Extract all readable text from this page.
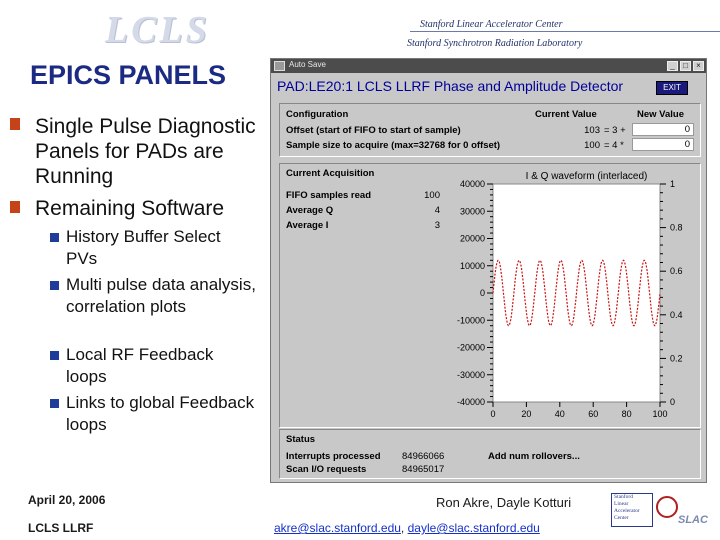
LCLS	Stanford Linear Accelerator Center
Stanford Synchrotron Radiation Laboratory
EPICS PANELS
Single Pulse Diagnostic Panels for PADs are Running
Remaining Software
History Buffer Select PVs
Multi pulse data analysis, correlation plots
Local RF Feedback loops
Links to global Feedback loops
Auto Save	_	□	×
PAD:LE20:1 LCLS LLRF Phase and Amplitude Detector	EXIT
Configuration	Current Value	New Value
Offset (start of FIFO to start of sample)	103 = 3 +	0
Sample size to acquire (max=32768 for 0 offset)	100 = 4 *	0
Current Acquisition
FIFO samples read	100
Average Q	4
Average I	3
I & Q waveform (interlaced)
40000
30000
20000
10000
0
-10000
-20000
-30000
-40000
1
0.8
0.6
0.4
0.2
0
0	20	40	60	80 100
Status
Interrupts processed 84966066
Scan I/O requests	84965017
Add num rollovers...
April 20, 2006
LCLS LLRF
Ron Akre, Dayle Kotturi
akre@slac.stanford.edu, dayle@slac.stanford.edu
Stanford
Linear
Accelerator
Center	SLAC
